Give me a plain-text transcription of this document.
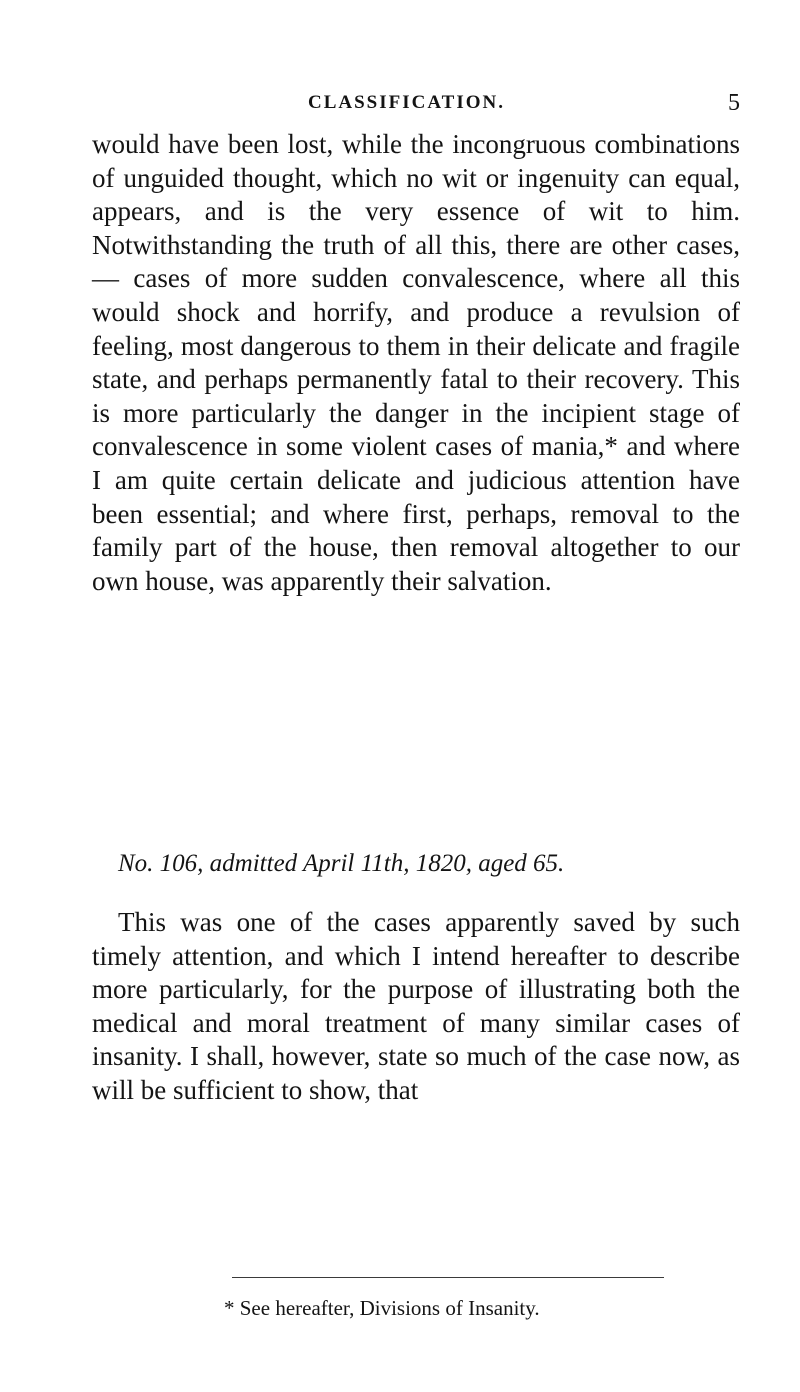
CLASSIFICATION.	5

would have been lost, while the incongruous combinations of unguided thought, which no wit or ingenuity can equal, appears, and is the very essence of wit to him. Notwithstanding the truth of all this, there are other cases,— cases of more sudden convalescence, where all this would shock and horrify, and produce a revulsion of feeling, most dangerous to them in their delicate and fragile state, and perhaps permanently fatal to their recovery. This is more particularly the danger in the incipient stage of convalescence in some violent cases of mania,* and where I am quite certain delicate and judicious attention have been essential; and where first, perhaps, removal to the family part of the house, then removal altogether to our own house, was apparently their salvation.

No. 106, admitted April 11th, 1820, aged 65.

This was one of the cases apparently saved by such timely attention, and which I intend hereafter to describe more particularly, for the purpose of illustrating both the medical and moral treatment of many similar cases of insanity. I shall, however, state so much of the case now, as will be sufficient to show, that

* See hereafter, Divisions of Insanity.
